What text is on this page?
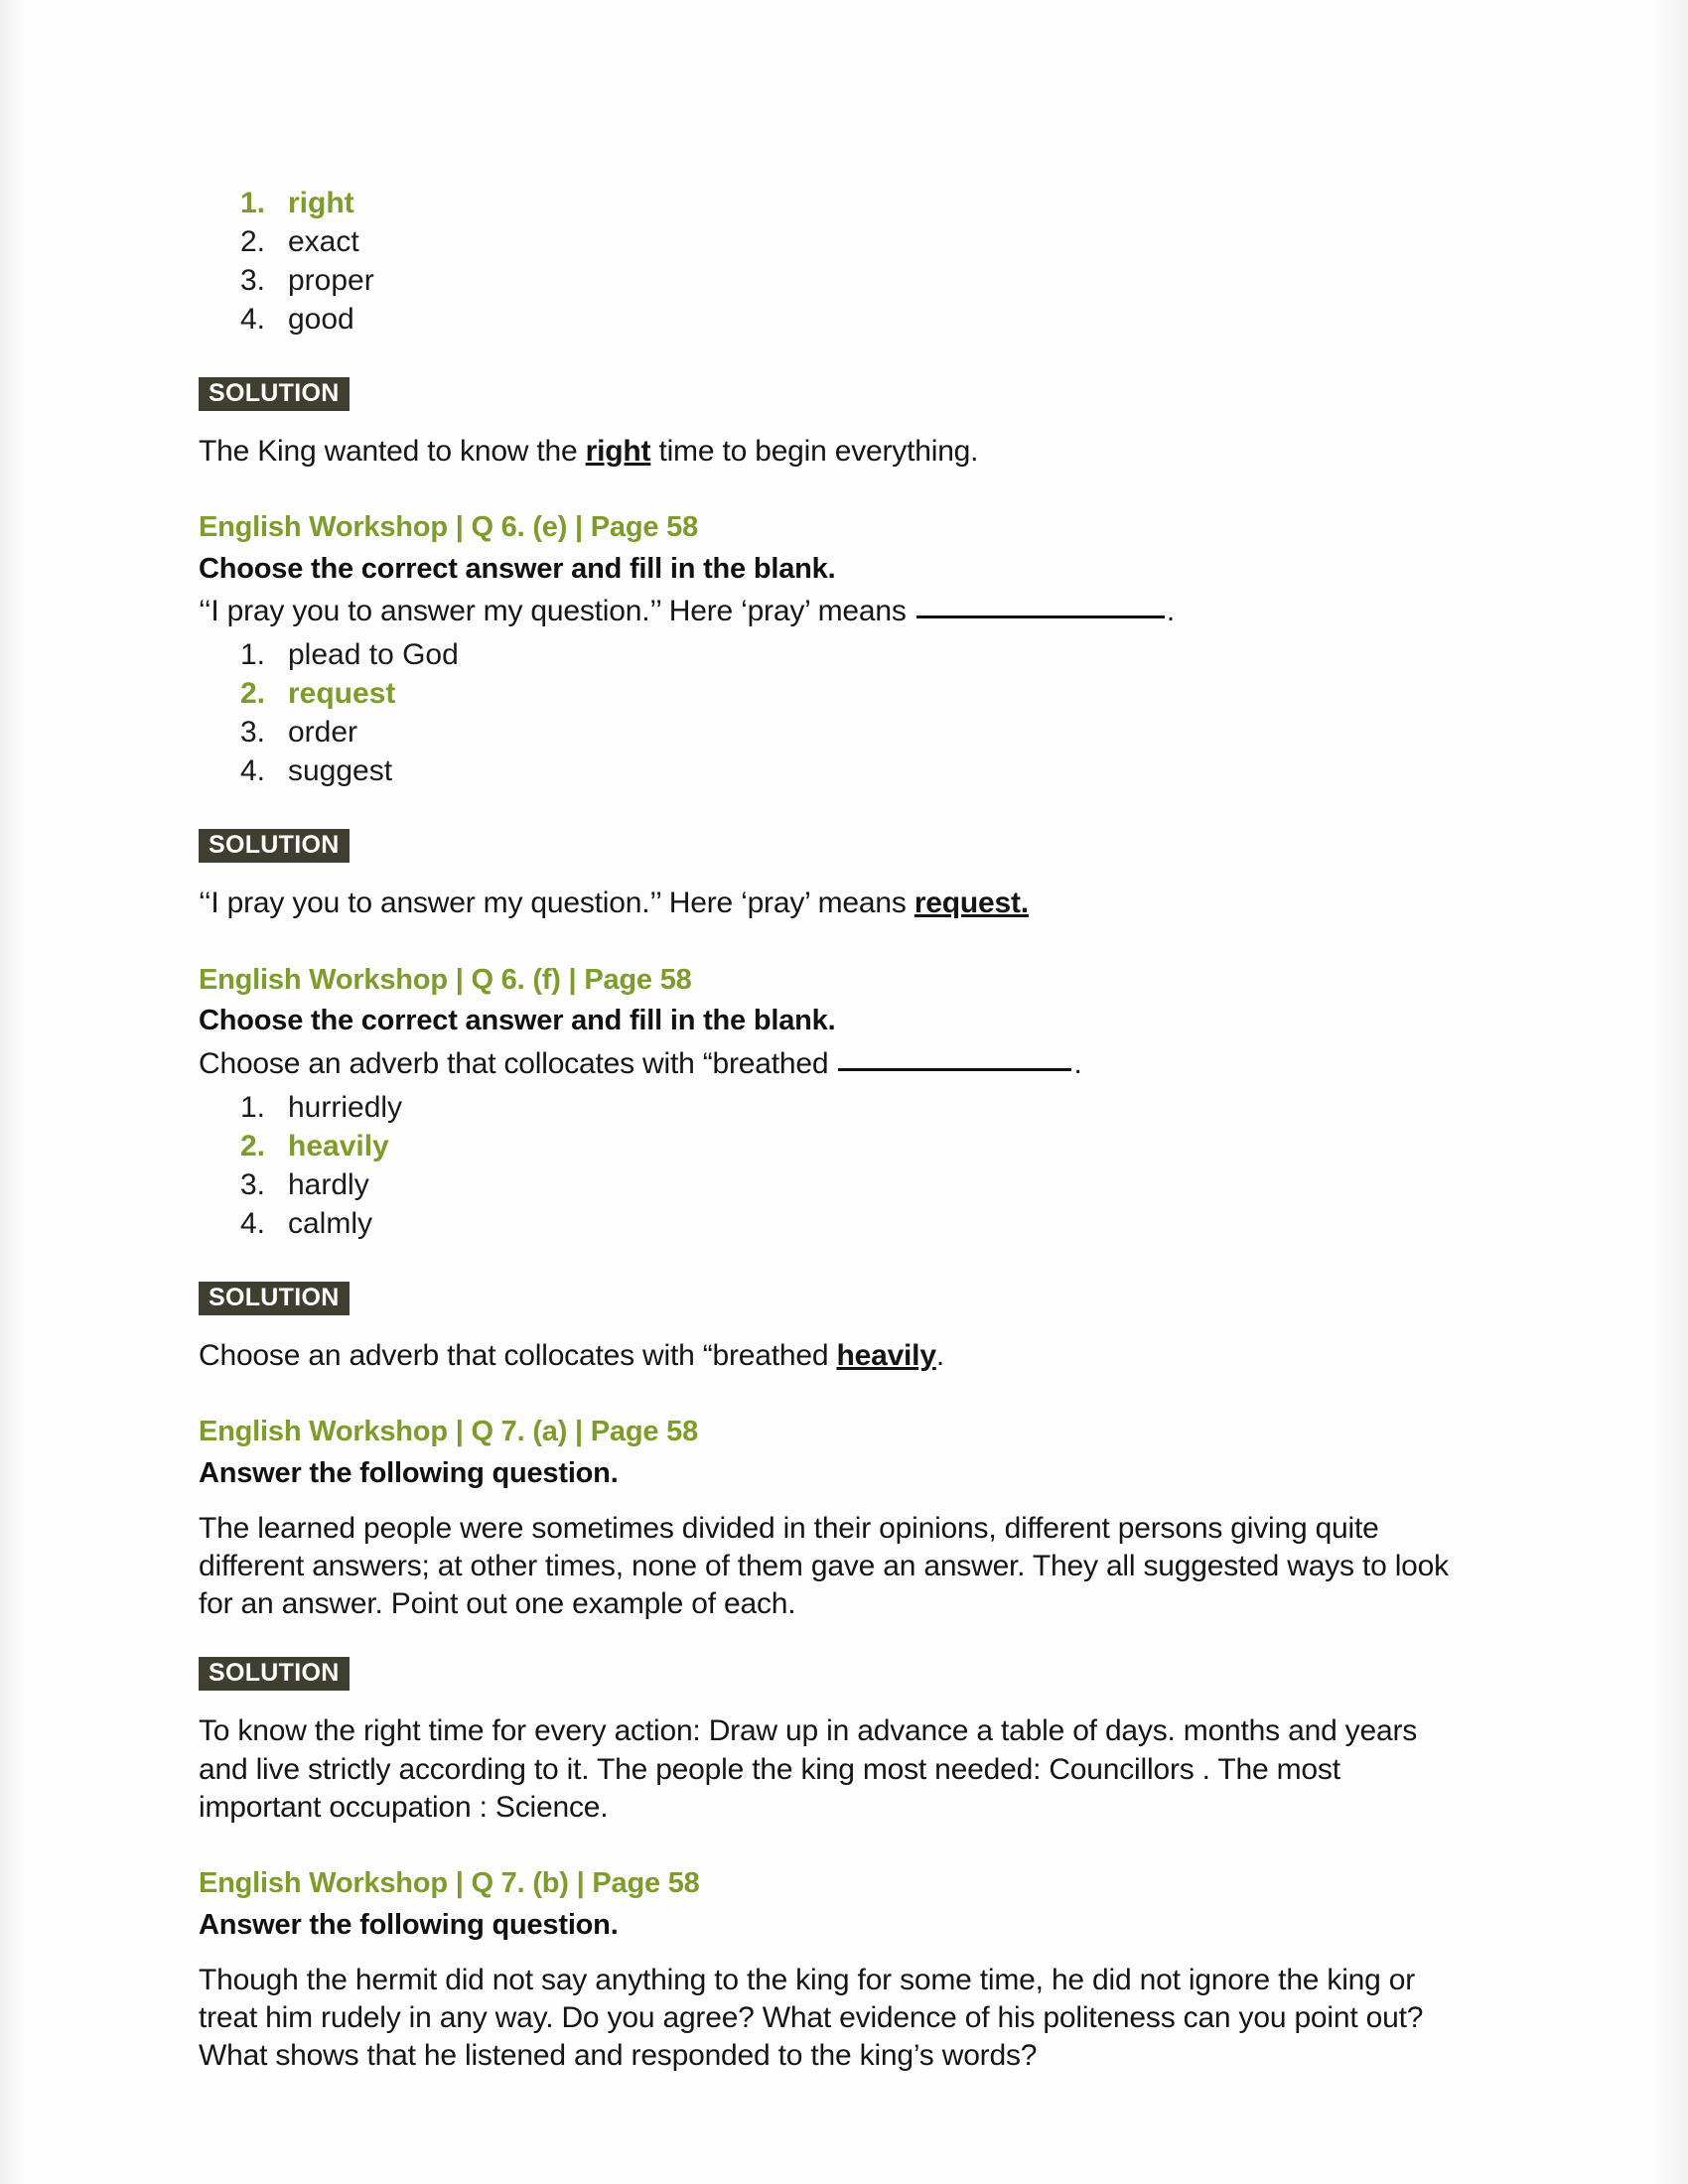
1. right
2. exact
3. proper
4. good
SOLUTION

The King wanted to know the right time to begin everything.

English Workshop | Q 6. (e) | Page 58
Choose the correct answer and fill in the blank.
‘‘I pray you to answer my question.’’ Here ‘pray’ means	.
1. plead to God
2. request
3. order
4. suggest
SOLUTION

‘‘I pray you to answer my question.’’ Here ‘pray’ means request.

English Workshop | Q 6. (f) | Page 58
Choose the correct answer and fill in the blank.
Choose an adverb that collocates with “breathed	.
1. hurriedly
2. heavily
3. hardly
4. calmly
SOLUTION

Choose an adverb that collocates with “breathed heavily.

English Workshop | Q 7. (a) | Page 58
Answer the following question.

The learned people were sometimes divided in their opinions, different persons giving quite different answers; at other times, none of them gave an answer. They all suggested ways to look for an answer. Point out one example of each.

SOLUTION

To know the right time for every action: Draw up in advance a table of days. months and years and live strictly according to it. The people the king most needed: Councillors . The most important occupation : Science.

English Workshop | Q 7. (b) | Page 58
Answer the following question.

Though the hermit did not say anything to the king for some time, he did not ignore the king or treat him rudely in any way. Do you agree? What evidence of his politeness can you point out? What shows that he listened and responded to the king’s words?
